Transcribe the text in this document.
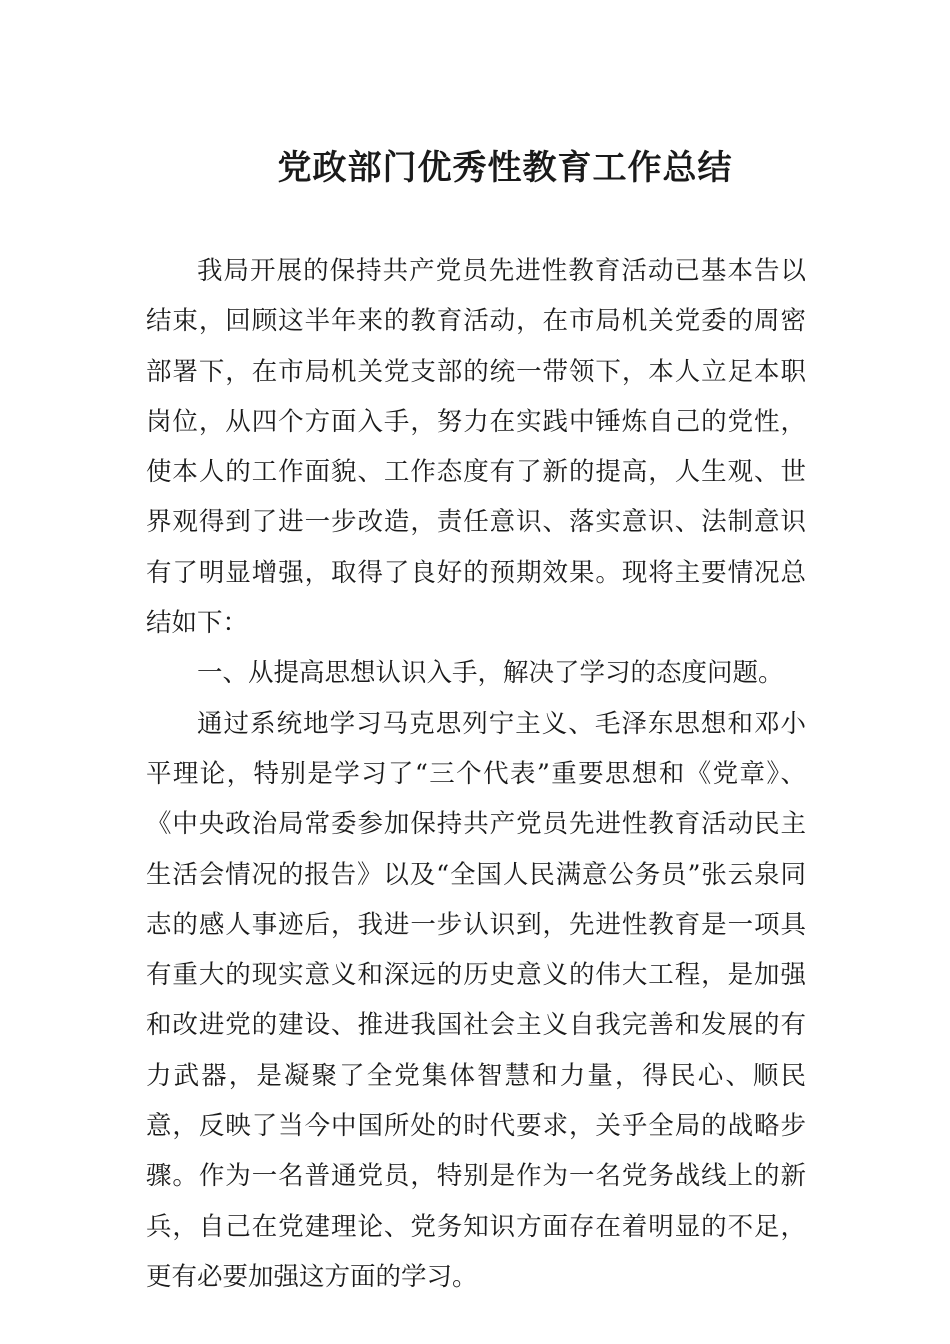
党政部门优秀性教育工作总结

我局开展的保持共产党员先进性教育活动已基本告以结束，回顾这半年来的教育活动，在市局机关党委的周密部署下，在市局机关党支部的统一带领下，本人立足本职岗位，从四个方面入手，努力在实践中锤炼自己的党性，使本人的工作面貌、工作态度有了新的提高，人生观、世界观得到了进一步改造，责任意识、落实意识、法制意识有了明显增强，取得了良好的预期效果。现将主要情况总结如下：

一、从提高思想认识入手，解决了学习的态度问题。

通过系统地学习马克思列宁主义、毛泽东思想和邓小平理论，特别是学习了“三个代表”重要思想和《党章》、《中央政治局常委参加保持共产党员先进性教育活动民主生活会情况的报告》以及“全国人民满意公务员”张云泉同志的感人事迹后，我进一步认识到，先进性教育是一项具有重大的现实意义和深远的历史意义的伟大工程，是加强和改进党的建设、推进我国社会主义自我完善和发展的有力武器，是凝聚了全党集体智慧和力量，得民心、顺民意，反映了当今中国所处的时代要求，关乎全局的战略步骤。作为一名普通党员，特别是作为一名党务战线上的新兵，自己在党建理论、党务知识方面存在着明显的不足，更有必要加强这方面的学习。
